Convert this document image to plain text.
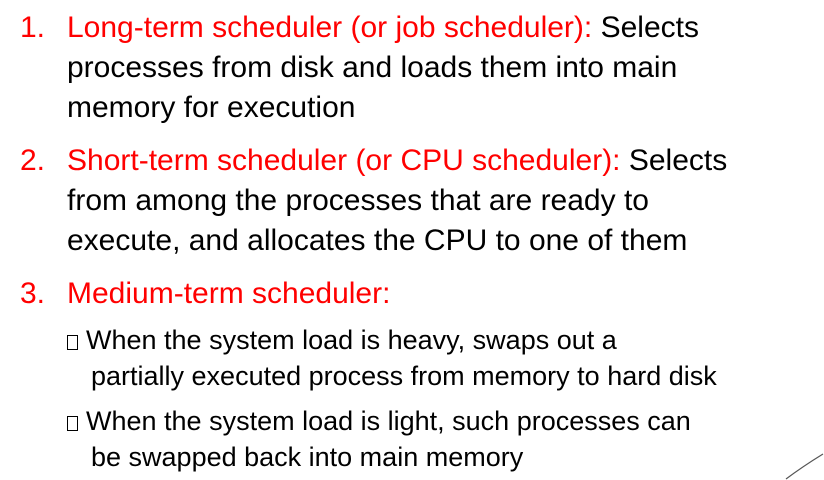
1. Long-term scheduler (or job scheduler): Selects
processes from disk and loads them into main
memory for execution
2. Short-term scheduler (or CPU scheduler): Selects
from among the processes that are ready to
execute, and allocates the CPU to one of them
3. Medium-term scheduler:
When the system load is heavy, swaps out a
partially executed process from memory to hard disk
When the system load is light, such processes can
be swapped back into main memory
